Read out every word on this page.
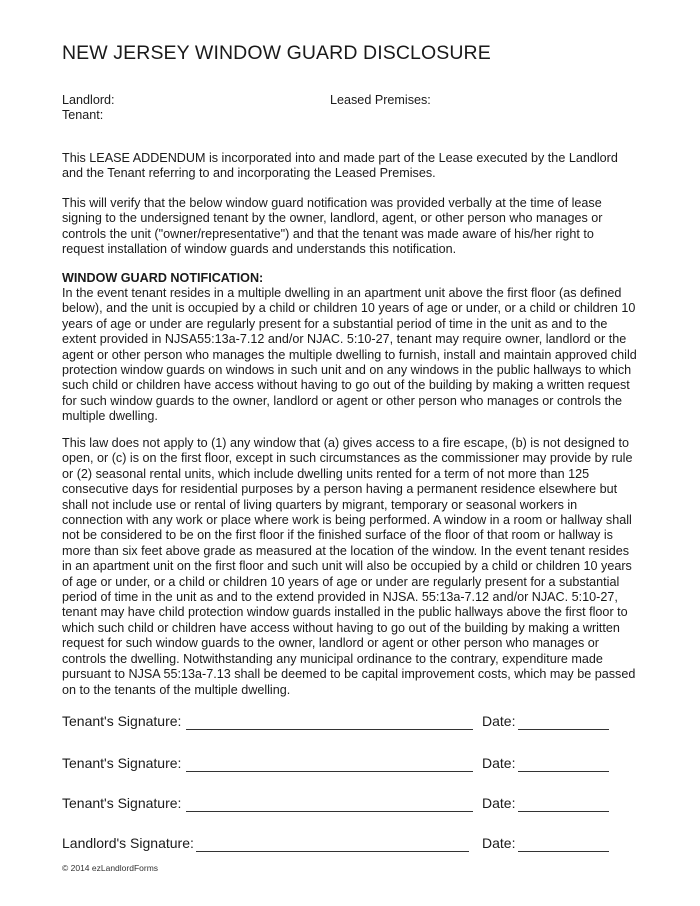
NEW JERSEY WINDOW GUARD DISCLOSURE
Landlord:
Tenant:
Leased Premises:

This LEASE ADDENDUM is incorporated into and made part of the Lease executed by the Landlord
and the Tenant referring to and incorporating the Leased Premises.

This will verify that the below window guard notification was provided verbally at the time of lease
signing to the undersigned tenant by the owner, landlord, agent, or other person who manages or
controls the unit ("owner/representative") and that the tenant was made aware of his/her right to
request installation of window guards and understands this notification.

WINDOW GUARD NOTIFICATION:

In the event tenant resides in a multiple dwelling in an apartment unit above the first floor (as defined
below), and the unit is occupied by a child or children 10 years of age or under, or a child or children 10
years of age or under are regularly present for a substantial period of time in the unit as and to the
extent provided in NJSA55:13a-7.12 and/or NJAC. 5:10-27, tenant may require owner, landlord or the
agent or other person who manages the multiple dwelling to furnish, install and maintain approved child
protection window guards on windows in such unit and on any windows in the public hallways to which
such child or children have access without having to go out of the building by making a written request
for such window guards to the owner, landlord or agent or other person who manages or controls the
multiple dwelling.

This law does not apply to (1) any window that (a) gives access to a fire escape, (b) is not designed to
open, or (c) is on the first floor, except in such circumstances as the commissioner may provide by rule
or (2) seasonal rental units, which include dwelling units rented for a term of not more than 125
consecutive days for residential purposes by a person having a permanent residence elsewhere but
shall not include use or rental of living quarters by migrant, temporary or seasonal workers in
connection with any work or place where work is being performed. A window in a room or hallway shall
not be considered to be on the first floor if the finished surface of the floor of that room or hallway is
more than six feet above grade as measured at the location of the window. In the event tenant resides
in an apartment unit on the first floor and such unit will also be occupied by a child or children 10 years
of age or under, or a child or children 10 years of age or under are regularly present for a substantial
period of time in the unit as and to the extend provided in NJSA. 55:13a-7.12 and/or NJAC. 5:10-27,
tenant may have child protection window guards installed in the public hallways above the first floor to
which such child or children have access without having to go out of the building by making a written
request for such window guards to the owner, landlord or agent or other person who manages or
controls the dwelling. Notwithstanding any municipal ordinance to the contrary, expenditure made
pursuant to NJSA 55:13a-7.13 shall be deemed to be capital improvement costs, which may be passed
on to the tenants of the multiple dwelling.

Tenant's Signature:	Date:
Tenant's Signature:	Date:
Tenant's Signature:	Date:
Landlord's Signature:	Date:
© 2014 ezLandlordForms
